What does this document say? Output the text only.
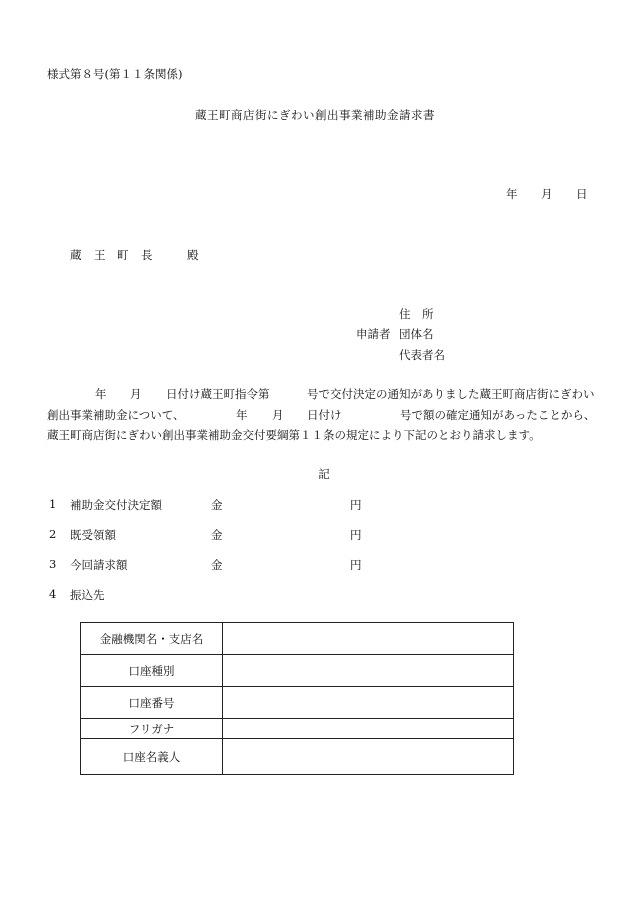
様式第８号(第１１条関係)
蔵王町商店街にぎわい創出事業補助金請求書
年 月 日
蔵 王 町 長	殿
申請者
住　所
団体名
代表者名
年 月 日付け蔵王町指令第	号で交付決定の通知がありました蔵王町商店街にぎわい
創出事業補助金について、	年 月 日付け	号で額の確定通知があったことから、
蔵王町商店街にぎわい創出事業補助金交付要綱第１１条の規定により下記のとおり請求します。
記
1 補助金交付決定額	金	円
2 既受領額	金	円
3 今回請求額	金	円
4 振込先
金融機関名・支店名	
口座種別	
口座番号	
フリガナ	
口座名義人	
